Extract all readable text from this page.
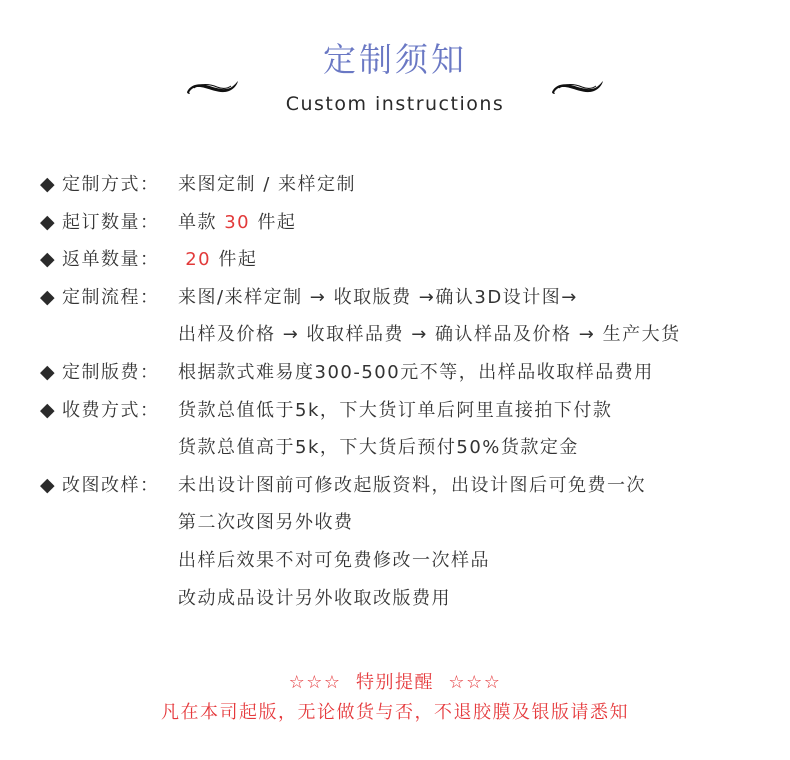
定制须知
Custom instructions
◆ 定制方式： 来图定制 / 来样定制
◆ 起订数量： 单款 30 件起
◆ 返单数量： 20 件起
◆ 定制流程： 来图/来样定制 → 收取版费 →确认3D设计图→
出样及价格 → 收取样品费 → 确认样品及价格 → 生产大货
◆ 定制版费： 根据款式难易度300-500元不等，出样品收取样品费用
◆ 收费方式： 货款总值低于5k，下大货订单后阿里直接拍下付款
货款总值高于5k，下大货后预付50%货款定金
◆ 改图改样： 未出设计图前可修改起版资料，出设计图后可免费一次
第二次改图另外收费
出样后效果不对可免费修改一次样品
改动成品设计另外收取改版费用
☆☆☆  特别提醒  ☆☆☆
凡在本司起版，无论做货与否，不退胶膜及银版请悉知
